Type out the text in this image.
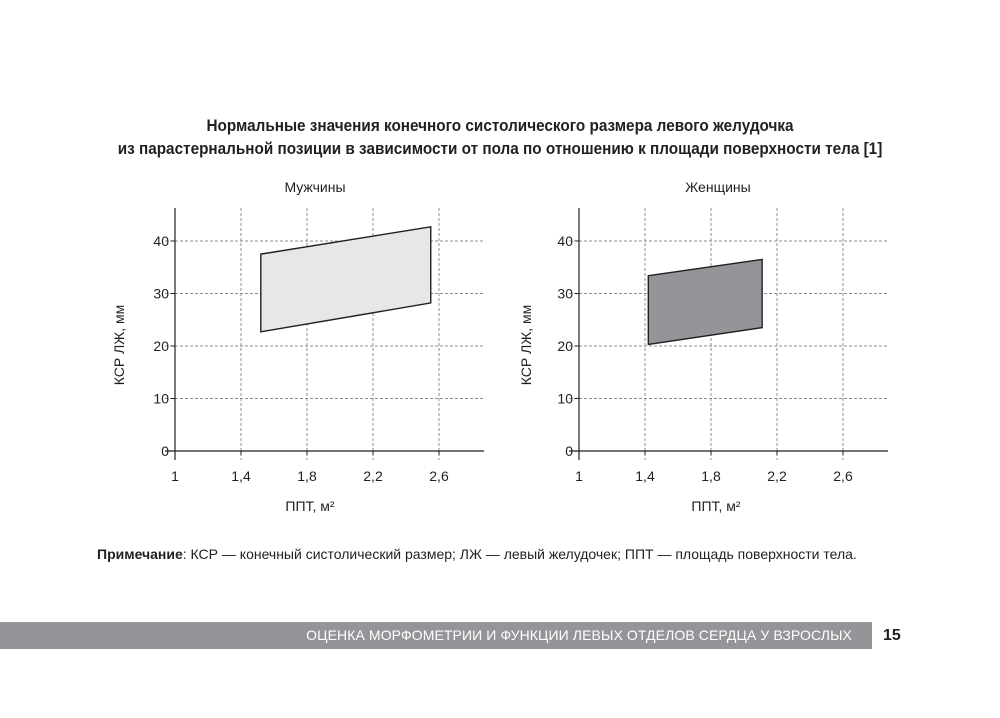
Нормальные значения конечного систолического размера левого желудочка
из парастернальной позиции в зависимости от пола по отношению к площади поверхности тела [1]
Мужчины
0
10
20
30
40
1	1,4	1,8	2,2	2,6
ППТ, м²
КСР ЛЖ, мм
Женщины
0
10
20
30
40
1	1,4	1,8	2,2	2,6
ППТ, м²
КСР ЛЖ, мм
Примечание: КСР — конечный систолический размер; ЛЖ — левый желудочек; ППТ — площадь поверхности тела.
ОЦЕНКА МОРФОМЕТРИИ И ФУНКЦИИ ЛЕВЫХ ОТДЕЛОВ СЕРДЦА У ВЗРОСЛЫХ 15
